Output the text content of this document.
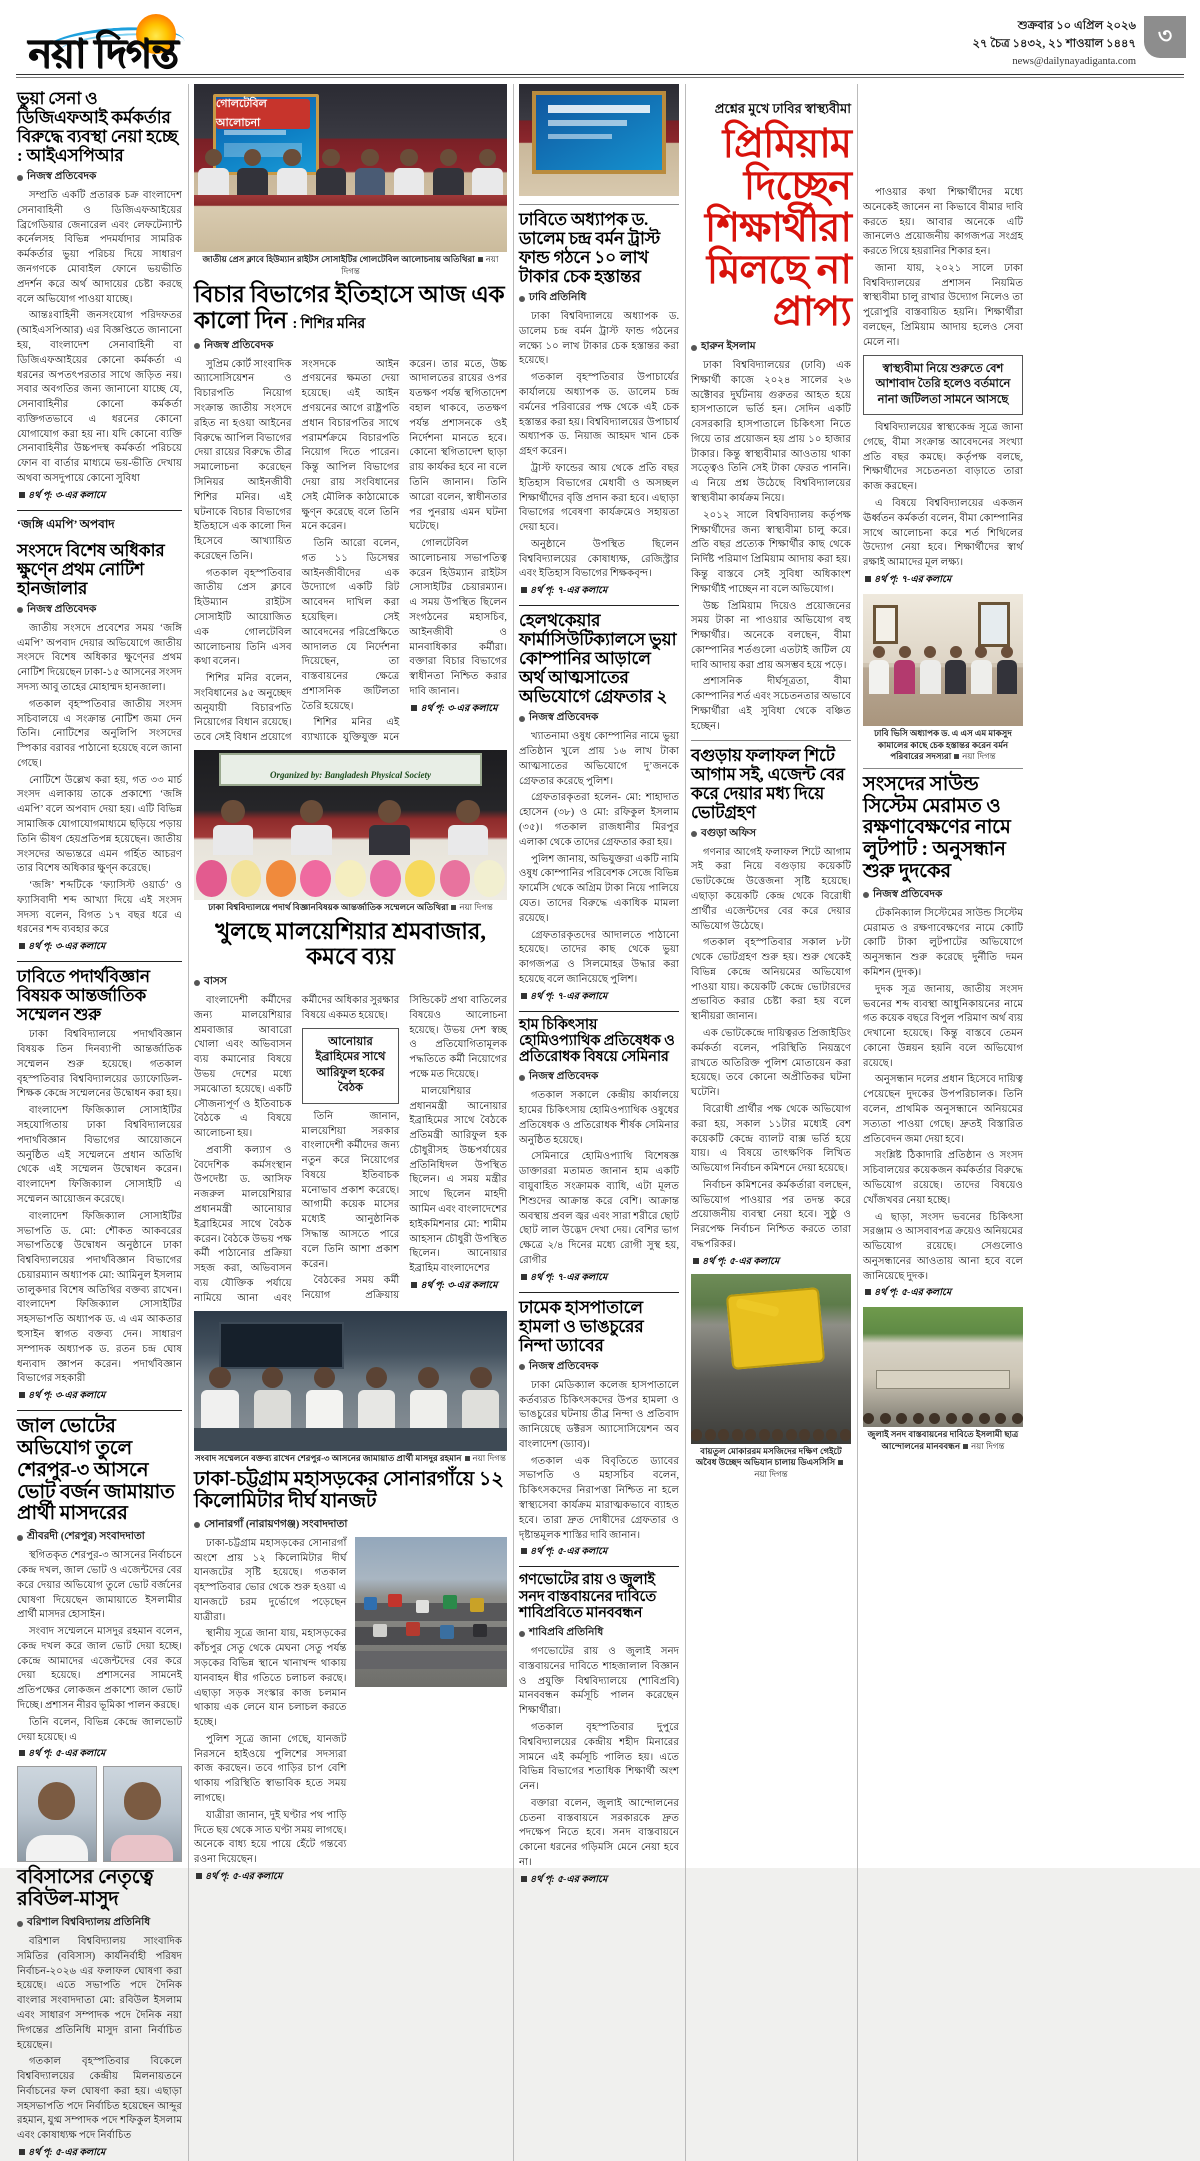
নয়া দিগন্ত
শুক্রবার ১০ এপ্রিল ২০২৬
২৭ চৈত্র ১৪৩২, ২১ শাওয়াল ১৪৪৭
news@dailynayadiganta.com
৩
ভুয়া সেনা ও ডিজিএফআই কর্মকর্তার বিরুদ্ধে ব্যবস্থা নেয়া হচ্ছে : আইএসপিআর
নিজস্ব প্রতিবেদক

সম্প্রতি একটি প্রতারক চক্র বাংলাদেশ সেনাবাহিনী ও ডিজিএফআইয়ের ব্রিগেডিয়ার জেনারেল এবং লেফটেন্যান্ট কর্নেলসহ বিভিন্ন পদমর্যাদার সামরিক কর্মকর্তার ভুয়া পরিচয় দিয়ে সাধারণ জনগণকে মোবাইল ফোনে ভয়ভীতি প্রদর্শন করে অর্থ আদায়ের চেষ্টা করছে বলে অভিযোগ পাওয়া যাচ্ছে।

আন্তঃবাহিনী জনসংযোগ পরিদফতর (আইএসপিআর) এর বিজ্ঞপ্তিতে জানানো হয়, বাংলাদেশ সেনাবাহিনী বা ডিজিএফআইয়ের কোনো কর্মকর্তা এ ধরনের অপতৎপরতার সাথে জড়িত নয়। সবার অবগতির জন্য জানানো যাচ্ছে যে, সেনাবাহিনীর কোনো কর্মকর্তা ব্যক্তিগতভাবে এ ধরনের কোনো যোগাযোগ করা হয় না। যদি কোনো ব্যক্তি সেনাবাহিনীর উচ্চপদস্থ কর্মকর্তা পরিচয়ে ফোন বা বার্তার মাধ্যমে ভয়-ভীতি দেখায় অথবা অসদুপায়ে কোনো সুবিধা

৪র্থ পৃ: ৩-এর কলামে
‘জঙ্গি এমপি’ অপবাদ
সংসদে বিশেষ অধিকার ক্ষুণ্নে প্রথম নোটিশ হানজালার
নিজস্ব প্রতিবেদক

জাতীয় সংসদে প্রবেশের সময় ‘জঙ্গি এমপি’ অপবাদ দেয়ার অভিযোগে জাতীয় সংসদে বিশেষ অধিকার ক্ষুণ্নের প্রথম নোটিশ দিয়েছেন ঢাকা-১৫ আসনের সংসদ সদস্য আবু তাহের মোহাম্মদ হানজালা।

গতকাল বৃহস্পতিবার জাতীয় সংসদ সচিবালয়ে এ সংক্রান্ত নোটিশ জমা দেন তিনি। নোটিশের অনুলিপি সংসদের স্পিকার বরাবর পাঠানো হয়েছে বলে জানা গেছে।

নোটিশে উল্লেখ করা হয়, গত ৩৩ মার্চ সংসদ এলাকায় তাকে প্রকাশ্যে ‘জঙ্গি এমপি’ বলে অপবাদ দেয়া হয়। এটি বিভিন্ন সামাজিক যোগাযোগমাধ্যমে ছড়িয়ে পড়ায় তিনি ভীষণ হেয়প্রতিপন্ন হয়েছেন। জাতীয় সংসদের অভ্যন্তরে এমন গর্হিত আচরণ তার বিশেষ অধিকার ক্ষুণ্ন করেছে।

‘জঙ্গি’ শব্দটিকে ‘ফ্যাসিস্ট ওয়ার্ড’ ও ফ্যাসিবাদী শব্দ আখ্যা দিয়ে এই সংসদ সদস্য বলেন, বিগত ১৭ বছর ধরে এ ধরনের শব্দ ব্যবহার করে

৪র্থ পৃ: ৩-এর কলামে
ঢাবিতে পদার্থবিজ্ঞান বিষয়ক আন্তর্জাতিক সম্মেলন শুরু

ঢাকা বিশ্ববিদ্যালয়ে পদার্থবিজ্ঞান বিষয়ক তিন দিনব্যাপী আন্তর্জাতিক সম্মেলন শুরু হয়েছে। গতকাল বৃহস্পতিবার বিশ্ববিদ্যালয়ের ড্যাফোডিল-শিক্ষক কেন্দ্রে সম্মেলনের উদ্বোধন করা হয়।

বাংলাদেশ ফিজিক্যাল সোসাইটির সহযোগিতায় ঢাকা বিশ্ববিদ্যালয়ের পদার্থবিজ্ঞান বিভাগের আয়োজনে অনুষ্ঠিত এই সম্মেলনে প্রধান অতিথি থেকে এই সম্মেলন উদ্বোধন করেন। বাংলাদেশ ফিজিক্যাল সোসাইটি এ সম্মেলন আয়োজন করেছে।

বাংলাদেশ ফিজিক্যাল সোসাইটির সভাপতি ড. মো: শৌকত আকবরের সভাপতিত্বে উদ্বোধন অনুষ্ঠানে ঢাকা বিশ্ববিদ্যালয়ের পদার্থবিজ্ঞান বিভাগের চেয়ারম্যান অধ্যাপক মো: আমিনুল ইসলাম তালুকদার বিশেষ অতিথির বক্তব্য রাখেন। বাংলাদেশ ফিজিক্যাল সোসাইটির সহসভাপতি অধ্যাপক ড. এ এম আকতার হুসাইন স্বাগত বক্তব্য দেন। সাধারণ সম্পাদক অধ্যাপক ড. রতন চন্দ্র ঘোষ ধন্যবাদ জ্ঞাপন করেন। পদার্থবিজ্ঞান বিভাগের সহকারী

৪র্থ পৃ: ৩-এর কলামে
জাল ভোটের অভিযোগ তুলে শেরপুর-৩ আসনে ভোট বর্জন জামায়াত প্রার্থী মাসদরের
শ্রীবরদী (শেরপুর) সংবাদদাতা

স্থগিতকৃত শেরপুর-৩ আসনের নির্বাচনে কেন্দ্র দখল, জাল ভোট ও এজেন্টদের বের করে দেয়ার অভিযোগ তুলে ভোট বর্জনের ঘোষণা দিয়েছেন জামায়াতে ইসলামীর প্রার্থী মাসদর হোসাইন।

সংবাদ সম্মেলনে মাসদুর রহমান বলেন, কেন্দ্র দখল করে জাল ভোট দেয়া হচ্ছে। কেন্দ্রে আমাদের এজেন্টদের বের করে দেয়া হয়েছে। প্রশাসনের সামনেই প্রতিপক্ষের লোকজন প্রকাশ্যে জাল ভোট দিচ্ছে। প্রশাসন নীরব ভূমিকা পালন করছে।

তিনি বলেন, বিভিন্ন কেন্দ্রে জালভোট দেয়া হয়েছে। এ

৪র্থ পৃ: ৫-এর কলামে
ববিসাসের নেতৃত্বে রবিউল-মাসুদ
বরিশাল বিশ্ববিদ্যালয় প্রতিনিধি

বরিশাল বিশ্ববিদ্যালয় সাংবাদিক সমিতির (ববিসাস) কার্যনির্বাহী পরিষদ নির্বাচন-২০২৬ এর ফলাফল ঘোষণা করা হয়েছে। এতে সভাপতি পদে দৈনিক বাংলার সংবাদদাতা মো: রবিউল ইসলাম এবং সাধারণ সম্পাদক পদে দৈনিক নয়া দিগন্তের প্রতিনিধি মাসুদ রানা নির্বাচিত হয়েছেন।

গতকাল বৃহস্পতিবার বিকেলে বিশ্ববিদ্যালয়ের কেন্দ্রীয় মিলনায়তনে নির্বাচনের ফল ঘোষণা করা হয়। এছাড়া সহসভাপতি পদে নির্বাচিত হয়েছেন আব্দুর রহমান, যুগ্ম সম্পাদক পদে শফিকুল ইসলাম এবং কোষাধ্যক্ষ পদে নির্বাচিত

৪র্থ পৃ: ৫-এর কলামে
গোলটেবিল আলোচনা
জাতীয় প্রেস ক্লাবে হিউম্যান রাইটস সোসাইটির গোলটেবিল আলোচনায় অতিথিরা নয়া দিগন্ত
বিচার বিভাগের ইতিহাসে আজ এক কালো দিন : শিশির মনির
নিজস্ব প্রতিবেদক

সুপ্রিম কোর্ট সাংবাদিক অ্যাসোসিয়েশন ও বিচারপতি নিয়োগ সংক্রান্ত জাতীয় সংসদে রহিত না হওয়া আইনের বিরুদ্ধে আপিল বিভাগের দেয়া রায়ের বিরুদ্ধে তীব্র সমালোচনা করেছেন সিনিয়র আইনজীবী শিশির মনির। এই ঘটনাকে বিচার বিভাগের ইতিহাসে এক কালো দিন হিসেবে আখ্যায়িত করেছেন তিনি।

গতকাল বৃহস্পতিবার জাতীয় প্রেস ক্লাবে হিউম্যান রাইটস সোসাইটি আয়োজিত এক গোলটেবিল আলোচনায় তিনি এসব কথা বলেন।

শিশির মনির বলেন, সংবিধানের ৯৫ অনুচ্ছেদ অনুযায়ী বিচারপতি নিয়োগের বিধান রয়েছে। তবে সেই বিধান প্রয়োগে সংসদকে আইন প্রণয়নের ক্ষমতা দেয়া হয়েছে। এই আইন প্রণয়নের আগে রাষ্ট্রপতি প্রধান বিচারপতির সাথে পরামর্শক্রমে বিচারপতি নিয়োগ দিতে পারেন। কিন্তু আপিল বিভাগের দেয়া রায় সংবিধানের সেই মৌলিক কাঠামোকে ক্ষুণ্ন করেছে বলে তিনি মনে করেন।

তিনি আরো বলেন, গত ১১ ডিসেম্বর আইনজীবীদের এক উদ্যোগে একটি রিট আবেদন দাখিল করা হয়েছিল। সেই আবেদনের পরিপ্রেক্ষিতে আদালত যে নির্দেশনা দিয়েছেন, তা বাস্তবায়নের ক্ষেত্রে প্রশাসনিক জটিলতা তৈরি হয়েছে।

শিশির মনির এই ব্যাখ্যাকে যুক্তিযুক্ত মনে করেন। তার মতে, উচ্চ আদালতের রায়ের ওপর যতক্ষণ পর্যন্ত স্থগিতাদেশ বহাল থাকবে, ততক্ষণ পর্যন্ত প্রশাসনকে ওই নির্দেশনা মানতে হবে। কোনো স্থগিতাদেশ ছাড়া রায় কার্যকর হবে না বলে তিনি জানান। তিনি আরো বলেন, স্বাধীনতার পর পুনরায় এমন ঘটনা ঘটেছে।

গোলটেবিল আলোচনায় সভাপতিত্ব করেন হিউম্যান রাইটস সোসাইটির চেয়ারম্যান। এ সময় উপস্থিত ছিলেন সংগঠনের মহাসচিব, আইনজীবী ও মানবাধিকার কর্মীরা। বক্তারা বিচার বিভাগের স্বাধীনতা নিশ্চিত করার দাবি জানান।

৪র্থ পৃ: ৩-এর কলামে
Organized by: Bangladesh Physical Society
ঢাকা বিশ্ববিদ্যালয়ে পদার্থ বিজ্ঞানবিষয়ক আন্তর্জাতিক সম্মেলনে অতিথিরা নয়া দিগন্ত
খুলছে মালয়েশিয়ার শ্রমবাজার, কমবে ব্যয়
বাসস

বাংলাদেশী কর্মীদের জন্য মালয়েশিয়ার শ্রমবাজার আবারো খোলা এবং অভিবাসন ব্যয় কমানোর বিষয়ে উভয় দেশের মধ্যে সমঝোতা হয়েছে। একটি সৌজন্যপূর্ণ ও ইতিবাচক বৈঠকে এ বিষয়ে আলোচনা হয়।

প্রবাসী কল্যাণ ও বৈদেশিক কর্মসংস্থান উপদেষ্টা ড. আসিফ নজরুল মালয়েশিয়ার প্রধানমন্ত্রী আনোয়ার ইব্রাহিমের সাথে বৈঠক করেন। বৈঠকে উভয় পক্ষ কর্মী পাঠানোর প্রক্রিয়া সহজ করা, অভিবাসন ব্যয় যৌক্তিক পর্যায়ে নামিয়ে আনা এবং কর্মীদের অধিকার সুরক্ষার বিষয়ে একমত হয়েছে।

আনোয়ার ইব্রাহিমের সাথে আরিফুল হকের বৈঠক

তিনি জানান, মালয়েশিয়া সরকার বাংলাদেশী কর্মীদের জন্য নতুন করে নিয়োগের বিষয়ে ইতিবাচক মনোভাব প্রকাশ করেছে। আগামী কয়েক মাসের মধ্যেই আনুষ্ঠানিক সিদ্ধান্ত আসতে পারে বলে তিনি আশা প্রকাশ করেন।

বৈঠকের সময় কর্মী নিয়োগ প্রক্রিয়ায় সিন্ডিকেট প্রথা বাতিলের বিষয়েও আলোচনা হয়েছে। উভয় দেশ স্বচ্ছ ও প্রতিযোগিতামূলক পদ্ধতিতে কর্মী নিয়োগের পক্ষে মত দিয়েছে।

মালয়েশিয়ার প্রধানমন্ত্রী আনোয়ার ইব্রাহিমের সাথে বৈঠকে প্রতিমন্ত্রী আরিফুল হক চৌধুরীসহ উচ্চপর্যায়ের প্রতিনিধিদল উপস্থিত ছিলেন। এ সময় মন্ত্রীর সাথে ছিলেন মাহদী আমিন এবং বাংলাদেশের হাইকমিশনার মো: শামীম আহসান চৌধুরী উপস্থিত ছিলেন। আনোয়ার ইব্রাহিম বাংলাদেশের

৪র্থ পৃ: ৩-এর কলামে
সংবাদ সম্মেলনে বক্তব্য রাখেন শেরপুর-৩ আসনের জামায়াত প্রার্থী মাসদুর রহমান নয়া দিগন্ত
ঢাকা-চট্টগ্রাম মহাসড়কের সোনারগাঁয়ে ১২ কিলোমিটার দীর্ঘ যানজট
সোনারগাঁ (নারায়ণগঞ্জ) সংবাদদাতা

ঢাকা-চট্টগ্রাম মহাসড়কের সোনারগাঁ অংশে প্রায় ১২ কিলোমিটার দীর্ঘ যানজটের সৃষ্টি হয়েছে। গতকাল বৃহস্পতিবার ভোর থেকে শুরু হওয়া এ যানজটে চরম দুর্ভোগে পড়েছেন যাত্রীরা।

স্থানীয় সূত্রে জানা যায়, মহাসড়কের কাঁচপুর সেতু থেকে মেঘনা সেতু পর্যন্ত সড়কের বিভিন্ন স্থানে খানাখন্দ থাকায় যানবাহন ধীর গতিতে চলাচল করছে। এছাড়া সড়ক সংস্কার কাজ চলমান থাকায় এক লেনে যান চলাচল করতে হচ্ছে।

পুলিশ সূত্রে জানা গেছে, যানজট নিরসনে হাইওয়ে পুলিশের সদস্যরা কাজ করছেন। তবে গাড়ির চাপ বেশি থাকায় পরিস্থিতি স্বাভাবিক হতে সময় লাগছে।

যাত্রীরা জানান, দুই ঘণ্টার পথ পাড়ি দিতে ছয় থেকে সাত ঘণ্টা সময় লাগছে। অনেকে বাধ্য হয়ে পায়ে হেঁটে গন্তব্যে রওনা দিয়েছেন।

৪র্থ পৃ: ৫-এর কলামে
ঢাবিতে অধ্যাপক ড. ডালেম চন্দ্র বর্মন ট্রাস্ট ফান্ড গঠনে ১০ লাখ টাকার চেক হস্তান্তর
ঢাবি প্রতিনিধি

ঢাকা বিশ্ববিদ্যালয়ে অধ্যাপক ড. ডালেম চন্দ্র বর্মন ট্রাস্ট ফান্ড গঠনের লক্ষ্যে ১০ লাখ টাকার চেক হস্তান্তর করা হয়েছে।

গতকাল বৃহস্পতিবার উপাচার্যের কার্যালয়ে অধ্যাপক ড. ডালেম চন্দ্র বর্মনের পরিবারের পক্ষ থেকে এই চেক হস্তান্তর করা হয়। বিশ্ববিদ্যালয়ের উপাচার্য অধ্যাপক ড. নিয়াজ আহমদ খান চেক গ্রহণ করেন।

ট্রাস্ট ফান্ডের আয় থেকে প্রতি বছর ইতিহাস বিভাগের মেধাবী ও অসচ্ছল শিক্ষার্থীদের বৃত্তি প্রদান করা হবে। এছাড়া বিভাগের গবেষণা কার্যক্রমেও সহায়তা দেয়া হবে।

অনুষ্ঠানে উপস্থিত ছিলেন বিশ্ববিদ্যালয়ের কোষাধ্যক্ষ, রেজিস্ট্রার এবং ইতিহাস বিভাগের শিক্ষকবৃন্দ।

৪র্থ পৃ: ৭-এর কলামে
হেলথকেয়ার ফার্মাসিউটিক্যালসে ভুয়া কোম্পানির আড়ালে অর্থ আত্মসাতের অভিযোগে গ্রেফতার ২
নিজস্ব প্রতিবেদক

খ্যাতনামা ওষুধ কোম্পানির নামে ভুয়া প্রতিষ্ঠান খুলে প্রায় ১৬ লাখ টাকা আত্মসাতের অভিযোগে দু’জনকে গ্রেফতার করেছে পুলিশ।

গ্রেফতারকৃতরা হলেন- মো: শাহাদাত হোসেন (৩৮) ও মো: রফিকুল ইসলাম (৩৫)। গতকাল রাজধানীর মিরপুর এলাকা থেকে তাদের গ্রেফতার করা হয়।

পুলিশ জানায়, অভিযুক্তরা একটি নামি ওষুধ কোম্পানির পরিবেশক সেজে বিভিন্ন ফার্মেসি থেকে অগ্রিম টাকা নিয়ে পালিয়ে যেত। তাদের বিরুদ্ধে একাধিক মামলা রয়েছে।

গ্রেফতারকৃতদের আদালতে পাঠানো হয়েছে। তাদের কাছ থেকে ভুয়া কাগজপত্র ও সিলমোহর উদ্ধার করা হয়েছে বলে জানিয়েছে পুলিশ।

৪র্থ পৃ: ৭-এর কলামে
হাম চিকিৎসায় হোমিওপ্যাথিক প্রতিষেধক ও প্রতিরোধক বিষয়ে সেমিনার
নিজস্ব প্রতিবেদক

গতকাল সকালে কেন্দ্রীয় কার্যালয়ে হামের চিকিৎসায় হোমিওপ্যাথিক ওষুধের প্রতিষেধক ও প্রতিরোধক শীর্ষক সেমিনার অনুষ্ঠিত হয়েছে।

সেমিনারে হোমিওপ্যাথি বিশেষজ্ঞ ডাক্তাররা মতামত জানান হাম একটি বায়ুবাহিত সংক্রামক ব্যাধি, এটা মূলত শিশুদের আক্রান্ত করে বেশি। আক্রান্ত অবস্থায় প্রবল জ্বর এবং সারা শরীরে ছোট ছোট লাল উদ্ভেদ দেখা দেয়। বেশির ভাগ ক্ষেত্রে ২/৪ দিনের মধ্যে রোগী সুস্থ হয়, রোগীর

৪র্থ পৃ: ৭-এর কলামে
ঢামেক হাসপাতালে হামলা ও ভাঙচুরের নিন্দা ড্যাবের
নিজস্ব প্রতিবেদক

ঢাকা মেডিক্যাল কলেজ হাসপাতালে কর্তব্যরত চিকিৎসকদের উপর হামলা ও ভাঙচুরের ঘটনায় তীব্র নিন্দা ও প্রতিবাদ জানিয়েছে ডক্টরস অ্যাসোসিয়েশন অব বাংলাদেশ (ড্যাব)।

গতকাল এক বিবৃতিতে ড্যাবের সভাপতি ও মহাসচিব বলেন, চিকিৎসকদের নিরাপত্তা নিশ্চিত না হলে স্বাস্থ্যসেবা কার্যক্রম মারাত্মকভাবে ব্যাহত হবে। তারা দ্রুত দোষীদের গ্রেফতার ও দৃষ্টান্তমূলক শাস্তির দাবি জানান।

৪র্থ পৃ: ৫-এর কলামে
গণভোটের রায় ও জুলাই সনদ বাস্তবায়নের দাবিতে শাবিপ্রবিতে মানববন্ধন
শাবিপ্রবি প্রতিনিধি

গণভোটের রায় ও জুলাই সনদ বাস্তবায়নের দাবিতে শাহজালাল বিজ্ঞান ও প্রযুক্তি বিশ্ববিদ্যালয়ে (শাবিপ্রবি) মানববন্ধন কর্মসূচি পালন করেছেন শিক্ষার্থীরা।

গতকাল বৃহস্পতিবার দুপুরে বিশ্ববিদ্যালয়ের কেন্দ্রীয় শহীদ মিনারের সামনে এই কর্মসূচি পালিত হয়। এতে বিভিন্ন বিভাগের শতাধিক শিক্ষার্থী অংশ নেন।

বক্তারা বলেন, জুলাই আন্দোলনের চেতনা বাস্তবায়নে সরকারকে দ্রুত পদক্ষেপ নিতে হবে। সনদ বাস্তবায়নে কোনো ধরনের গড়িমসি মেনে নেয়া হবে না।

৪র্থ পৃ: ৫-এর কলামে
প্রশ্নের মুখে ঢাবির স্বাস্থ্যবীমা
প্রিমিয়াম দিচ্ছেন শিক্ষার্থীরা
মিলছে না প্রাপ্য
হারুন ইসলাম

ঢাকা বিশ্ববিদ্যালয়ের (ঢাবি) এক শিক্ষার্থী কাজে ২০২৪ সালের ২৬ অক্টোবর দুর্ঘটনায় গুরুতর আহত হয়ে হাসপাতালে ভর্তি হন। সেদিন একটি বেসরকারি হাসপাতালে চিকিৎসা নিতে গিয়ে তার প্রয়োজন হয় প্রায় ১০ হাজার টাকার। কিন্তু স্বাস্থ্যবীমার আওতায় থাকা সত্ত্বেও তিনি সেই টাকা ফেরত পাননি। এ নিয়ে প্রশ্ন উঠেছে বিশ্ববিদ্যালয়ের স্বাস্থ্যবীমা কার্যক্রম নিয়ে।

২০১২ সালে বিশ্ববিদ্যালয় কর্তৃপক্ষ শিক্ষার্থীদের জন্য স্বাস্থ্যবীমা চালু করে। প্রতি বছর প্রত্যেক শিক্ষার্থীর কাছ থেকে নির্দিষ্ট পরিমাণ প্রিমিয়াম আদায় করা হয়। কিন্তু বাস্তবে সেই সুবিধা অধিকাংশ শিক্ষার্থীই পাচ্ছেন না বলে অভিযোগ।

উচ্চ প্রিমিয়াম দিয়েও প্রয়োজনের সময় টাকা না পাওয়ার অভিযোগ বহু শিক্ষার্থীর। অনেকে বলছেন, বীমা কোম্পানির শর্তগুলো এতটাই জটিল যে দাবি আদায় করা প্রায় অসম্ভব হয়ে পড়ে।

প্রশাসনিক দীর্ঘসূত্রতা, বীমা কোম্পানির শর্ত এবং সচেতনতার অভাবে শিক্ষার্থীরা এই সুবিধা থেকে বঞ্চিত হচ্ছেন।

বগুড়ায় ফলাফল শিটে আগাম সই, এজেন্ট বের করে দেয়ার মধ্য দিয়ে ভোটগ্রহণ
বগুড়া অফিস

গণনার আগেই ফলাফল শিটে আগাম সই করা নিয়ে বগুড়ায় কয়েকটি ভোটকেন্দ্রে উত্তেজনা সৃষ্টি হয়েছে। এছাড়া কয়েকটি কেন্দ্র থেকে বিরোধী প্রার্থীর এজেন্টদের বের করে দেয়ার অভিযোগ উঠেছে।

গতকাল বৃহস্পতিবার সকাল ৮টা থেকে ভোটগ্রহণ শুরু হয়। শুরু থেকেই বিভিন্ন কেন্দ্রে অনিয়মের অভিযোগ পাওয়া যায়। কয়েকটি কেন্দ্রে ভোটারদের প্রভাবিত করার চেষ্টা করা হয় বলে স্থানীয়রা জানান।

এক ভোটকেন্দ্রে দায়িত্বরত প্রিজাইডিং কর্মকর্তা বলেন, পরিস্থিতি নিয়ন্ত্রণে রাখতে অতিরিক্ত পুলিশ মোতায়েন করা হয়েছে। তবে কোনো অপ্রীতিকর ঘটনা ঘটেনি।

বিরোধী প্রার্থীর পক্ষ থেকে অভিযোগ করা হয়, সকাল ১১টার মধ্যেই বেশ কয়েকটি কেন্দ্রে ব্যালট বাক্স ভর্তি হয়ে যায়। এ বিষয়ে তাৎক্ষণিক লিখিত অভিযোগ নির্বাচন কমিশনে দেয়া হয়েছে।

নির্বাচন কমিশনের কর্মকর্তারা বলছেন, অভিযোগ পাওয়ার পর তদন্ত করে প্রয়োজনীয় ব্যবস্থা নেয়া হবে। সুষ্ঠু ও নিরপেক্ষ নির্বাচন নিশ্চিত করতে তারা বদ্ধপরিকর।

৪র্থ পৃ: ৫-এর কলামে
বায়তুল মোকাররম মসজিদের দক্ষিণ গেইটে অবৈধ উচ্ছেদ অভিযান চালায় ডিএসসিসিনয়া দিগন্ত

পাওয়ার কথা শিক্ষার্থীদের মধ্যে অনেকেই জানেন না কিভাবে বীমার দাবি করতে হয়। আবার অনেকে এটি জানলেও প্রয়োজনীয় কাগজপত্র সংগ্রহ করতে গিয়ে হয়রানির শিকার হন।

জানা যায়, ২০২১ সালে ঢাকা বিশ্ববিদ্যালয়ের প্রশাসন নিয়মিত স্বাস্থ্যবীমা চালু রাখার উদ্যোগ নিলেও তা পুরোপুরি বাস্তবায়িত হয়নি। শিক্ষার্থীরা বলছেন, প্রিমিয়াম আদায় হলেও সেবা মেলে না।

স্বাস্থ্যবীমা নিয়ে শুরুতে বেশ আশাবাদ তৈরি হলেও বর্তমানে নানা জটিলতা সামনে আসছে

বিশ্ববিদ্যালয়ের স্বাস্থ্যকেন্দ্র সূত্রে জানা গেছে, বীমা সংক্রান্ত আবেদনের সংখ্যা প্রতি বছর কমছে। কর্তৃপক্ষ বলছে, শিক্ষার্থীদের সচেতনতা বাড়াতে তারা কাজ করছেন।

এ বিষয়ে বিশ্ববিদ্যালয়ের একজন ঊর্ধ্বতন কর্মকর্তা বলেন, বীমা কোম্পানির সাথে আলোচনা করে শর্ত শিথিলের উদ্যোগ নেয়া হবে। শিক্ষার্থীদের স্বার্থ রক্ষাই আমাদের মূল লক্ষ্য।

৪র্থ পৃ: ৭-এর কলামে
ঢাবি ভিসি অধ্যাপক ড. এ এস এম মাকসুদ কামালের কাছে চেক হস্তান্তর করেন বর্মন পরিবারের সদস্যরা নয়া দিগন্ত
সংসদের সাউন্ড সিস্টেম মেরামত ও রক্ষণাবেক্ষণের নামে লুটপাট : অনুসন্ধান শুরু দুদকের
নিজস্ব প্রতিবেদক

টেকনিক্যাল সিস্টেমের সাউন্ড সিস্টেম মেরামত ও রক্ষণাবেক্ষণের নামে কোটি কোটি টাকা লুটপাটের অভিযোগে অনুসন্ধান শুরু করেছে দুর্নীতি দমন কমিশন (দুদক)।

দুদক সূত্র জানায়, জাতীয় সংসদ ভবনের শব্দ ব্যবস্থা আধুনিকায়নের নামে গত কয়েক বছরে বিপুল পরিমাণ অর্থ ব্যয় দেখানো হয়েছে। কিন্তু বাস্তবে তেমন কোনো উন্নয়ন হয়নি বলে অভিযোগ রয়েছে।

অনুসন্ধান দলের প্রধান হিসেবে দায়িত্ব পেয়েছেন দুদকের উপপরিচালক। তিনি বলেন, প্রাথমিক অনুসন্ধানে অনিয়মের সত্যতা পাওয়া গেছে। দ্রুতই বিস্তারিত প্রতিবেদন জমা দেয়া হবে।

সংশ্লিষ্ট ঠিকাদারি প্রতিষ্ঠান ও সংসদ সচিবালয়ের কয়েকজন কর্মকর্তার বিরুদ্ধে অভিযোগ রয়েছে। তাদের বিষয়েও খোঁজখবর নেয়া হচ্ছে।

এ ছাড়া, সংসদ ভবনের চিকিৎসা সরঞ্জাম ও আসবাবপত্র ক্রয়েও অনিয়মের অভিযোগ রয়েছে। সেগুলোও অনুসন্ধানের আওতায় আনা হবে বলে জানিয়েছে দুদক।

৪র্থ পৃ: ৫-এর কলামে
জুলাই সনদ বাস্তবায়নের দাবিতে ইসলামী ছাত্র আন্দোলনের মানববন্ধন নয়া দিগন্ত
